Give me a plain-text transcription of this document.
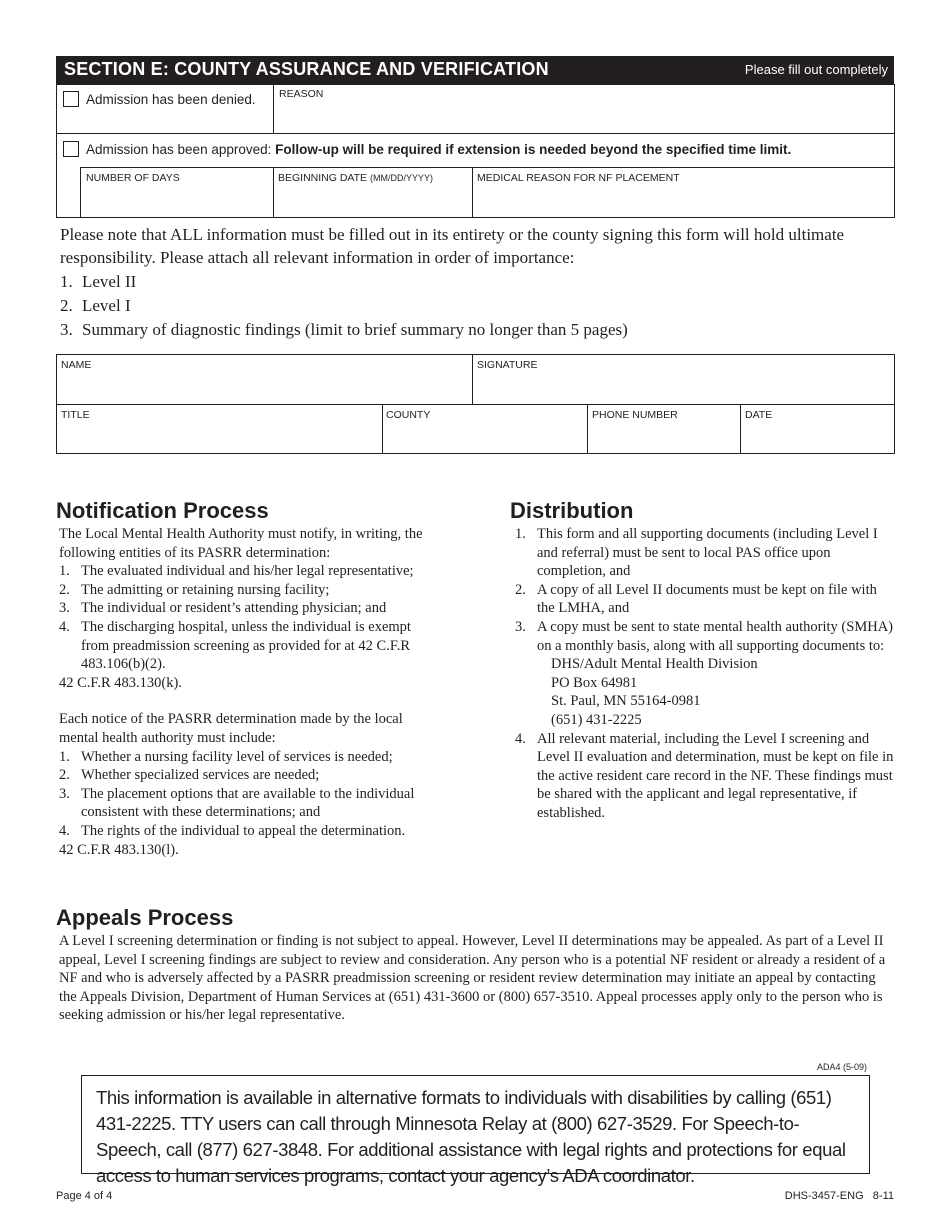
SECTION E: COUNTY ASSURANCE AND VERIFICATION	Please fill out completely
Admission has been denied. REASON
Admission has been approved: Follow-up will be required if extension is needed beyond the specified time limit.
NUMBER OF DAYS	BEGINNING DATE (MM/DD/YYYY)	MEDICAL REASON FOR NF PLACEMENT
Please note that ALL information must be filled out in its entirety or the county signing this form will hold ultimate responsibility. Please attach all relevant information in order of importance:
1. Level II
2. Level I
3. Summary of diagnostic findings (limit to brief summary no longer than 5 pages)
NAME	SIGNATURE
TITLE	COUNTY	PHONE NUMBER	DATE
Notification Process
The Local Mental Health Authority must notify, in writing, the following entities of its PASRR determination:
1. The evaluated individual and his/her legal representative;
2. The admitting or retaining nursing facility;
3. The individual or resident’s attending physician; and
4. The discharging hospital, unless the individual is exempt from preadmission screening as provided for at 42 C.F.R 483.106(b)(2).
42 C.F.R 483.130(k).
Each notice of the PASRR determination made by the local mental health authority must include:
1. Whether a nursing facility level of services is needed;
2. Whether specialized services are needed;
3. The placement options that are available to the individual consistent with these determinations; and
4. The rights of the individual to appeal the determination.
42 C.F.R 483.130(l).
Distribution
1. This form and all supporting documents (including Level I and referral) must be sent to local PAS office upon completion, and
2. A copy of all Level II documents must be kept on file with the LMHA, and
3. A copy must be sent to state mental health authority (SMHA) on a monthly basis, along with all supporting documents to:
DHS/Adult Mental Health Division
PO Box 64981
St. Paul, MN 55164-0981
(651) 431-2225
4. All relevant material, including the Level I screening and Level II evaluation and determination, must be kept on file in the active resident care record in the NF. These findings must be shared with the applicant and legal representative, if established.
Appeals Process
A Level I screening determination or finding is not subject to appeal. However, Level II determinations may be appealed. As part of a Level II appeal, Level I screening findings are subject to review and consideration. Any person who is a potential NF resident or already a resident of a NF and who is adversely affected by a PASRR preadmission screening or resident review determination may initiate an appeal by contacting the Appeals Division, Department of Human Services at (651) 431-3600 or (800) 657-3510. Appeal processes apply only to the person who is seeking admission or his/her legal representative.
ADA4 (5-09)
This information is available in alternative formats to individuals with disabilities by calling (651) 431-2225. TTY users can call through Minnesota Relay at (800) 627-3529. For Speech-to-Speech, call (877) 627-3848. For additional assistance with legal rights and protections for equal access to human services programs, contact your agency’s ADA coordinator.
Page 4 of 4	DHS-3457-ENG   8-11
